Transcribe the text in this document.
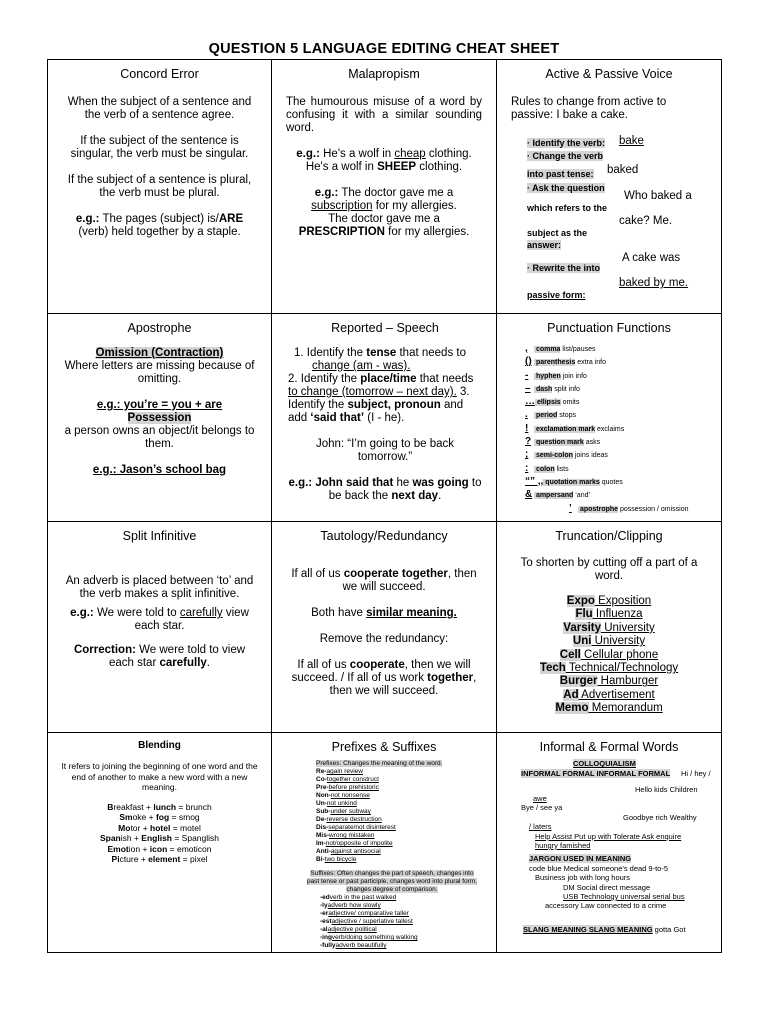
QUESTION 5 LANGUAGE EDITING CHEAT SHEET
Concord Error
When the subject of a sentence and the verb of a sentence agree.
If the subject of the sentence is singular, the verb must be singular.
If the subject of a sentence is plural, the verb must be plural.
e.g.: The pages (subject) is/ARE (verb) held together by a staple.
Malapropism
The humourous misuse of a word by confusing it with a similar sounding word.
e.g.: He's a wolf in cheap clothing. He's a wolf in SHEEP clothing.
e.g.: The doctor gave me a subscription for my allergies.
The doctor gave me a PRESCRIPTION for my allergies.
Active & Passive Voice
Rules to change from active to passive: I bake a cake.
· Identify the verb: bake
· Change the verb
baked
into past tense:
· Ask the question
Who baked a
which refers to the
cake? Me.
subject as the
answer:
A cake was
· Rewrite the into
baked by me.
passive form:
Apostrophe
Omission (Contraction)
Where letters are missing because of omitting.
e.g.: you’re = you + are
Possession
a person owns an object/it belongs to them.
e.g.: Jason’s school bag
Reported – Speech
1. Identify the tense that needs to
change (am - was).
2. Identify the place/time that needs to change (tomorrow – next day). 3. Identify the subject, pronoun and add ‘said that’ (I - he).
John: “I’m going to be back tomorrow.”
e.g.: John said that he was going to be back the next day.
Punctuation Functions
, comma list/pauses
() parenthesis extra info
- hyphen join info
– dash split info
… ellipsis omits
. period stops
! exclamation mark exclaims
? question mark asks
; semi-colon joins ideas
: colon lists
“” ,, quotation marks quotes
& ampersand ‘and’
’ apostrophe possession / omission
Split Infinitive
An adverb is placed between ‘to’ and the verb makes a split infinitive.
e.g.: We were told to carefully view each star.
Correction: We were told to view each star carefully.
Tautology/Redundancy
If all of us cooperate together, then we will succeed.
Both have similar meaning.
Remove the redundancy:
If all of us cooperate, then we will succeed. / If all of us work together, then we will succeed.
Truncation/Clipping
To shorten by cutting off a part of a word.
Expo Exposition
Flu Influenza
Varsity University
Uni University
Cell Cellular phone
Tech Technical/Technology
Burger Hamburger
Ad Advertisement
Memo Memorandum
Blending
It refers to joining the beginning of one word and the end of another to make a new word with a new meaning.
Breakfast + lunch = brunch
Smoke + fog = smog
Motor + hotel = motel
Spanish + English = Spanglish
Emotion + icon = emoticon
Picture + element = pixel
Prefixes & Suffixes
Prefixes: Changes the meaning of the word.
Re-again review
Co-together construct
Pre-before prehistoric
Non-not nonsense
Un-not unkind
Sub-under subway
De-reverse destruction
Dis-separate/not disinterest
Mis-wrong mistaken
Im-not/opposite of impolite
Anti-against antisocial
Bi-two bicycle
Suffixes: Often changes the part of speech, changes into past tense or past participle, changes word into plural form, changes degree of comparison.
-edverb in the past walked
-lyadverb how slowly
-eradjective/ comparative taller
-estadjective / superlative tallest
-aladjective political
-ingverb/doing something walking
-fullyadverb beautifully
Informal & Formal Words
COLLOQUIALISM
INFORMAL FORMAL INFORMAL FORMAL Hi / hey /
Hello kids Children
awe
Bye / see ya
Goodbye rich Wealthy
/ laters
Help Assist Put up with Tolerate Ask enquire
hungry famished
JARGON USED IN MEANING
code blue Medical someone's dead 9-to-5
Business job with long hours
DM Social direct message
USB Technology universal serial bus
accessory Law connected to a crime
SLANG MEANING SLANG MEANING gotta Got
